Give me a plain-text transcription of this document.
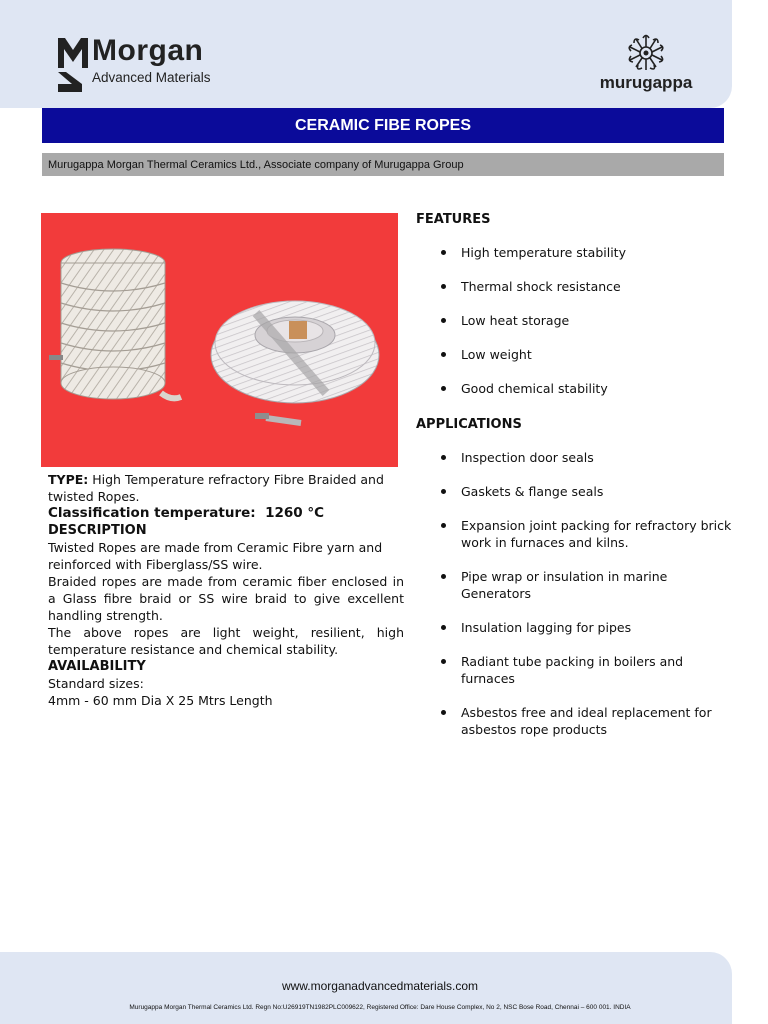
Morgan
Advanced Materials	murugappa
CERAMIC FIBE ROPES
Murugappa Morgan Thermal Ceramics Ltd., Associate company of Murugappa Group

TYPE: High Temperature refractory Fibre Braided and twisted Ropes.

Classification temperature: 1260 °C

DESCRIPTION

Twisted Ropes are made from Ceramic Fibre yarn and reinforced with Fiberglass/SS wire.

Braided ropes are made from ceramic fiber enclosed in a Glass fibre braid or SS wire braid to give excellent handling strength.

The above ropes are light weight, resilient, high temperature resistance and chemical stability.

AVAILABILITY

Standard sizes:

4mm - 60 mm Dia X 25 Mtrs Length

FEATURES
High temperature stability
Thermal shock resistance
Low heat storage
Low weight
Good chemical stability
APPLICATIONS
Inspection door seals
Gaskets & flange seals
Expansion joint packing for refractory brick work in furnaces and kilns.
Pipe wrap or insulation in marine Generators
Insulation lagging for pipes
Radiant tube packing in boilers and furnaces
Asbestos free and ideal replacement for asbestos rope products
www.morganadvancedmaterials.com
Murugappa Morgan Thermal Ceramics Ltd. Regn No:U26919TN1982PLC009622, Registered Office: Dare House Complex, No 2, NSC Bose Road, Chennai – 600 001. INDIA
